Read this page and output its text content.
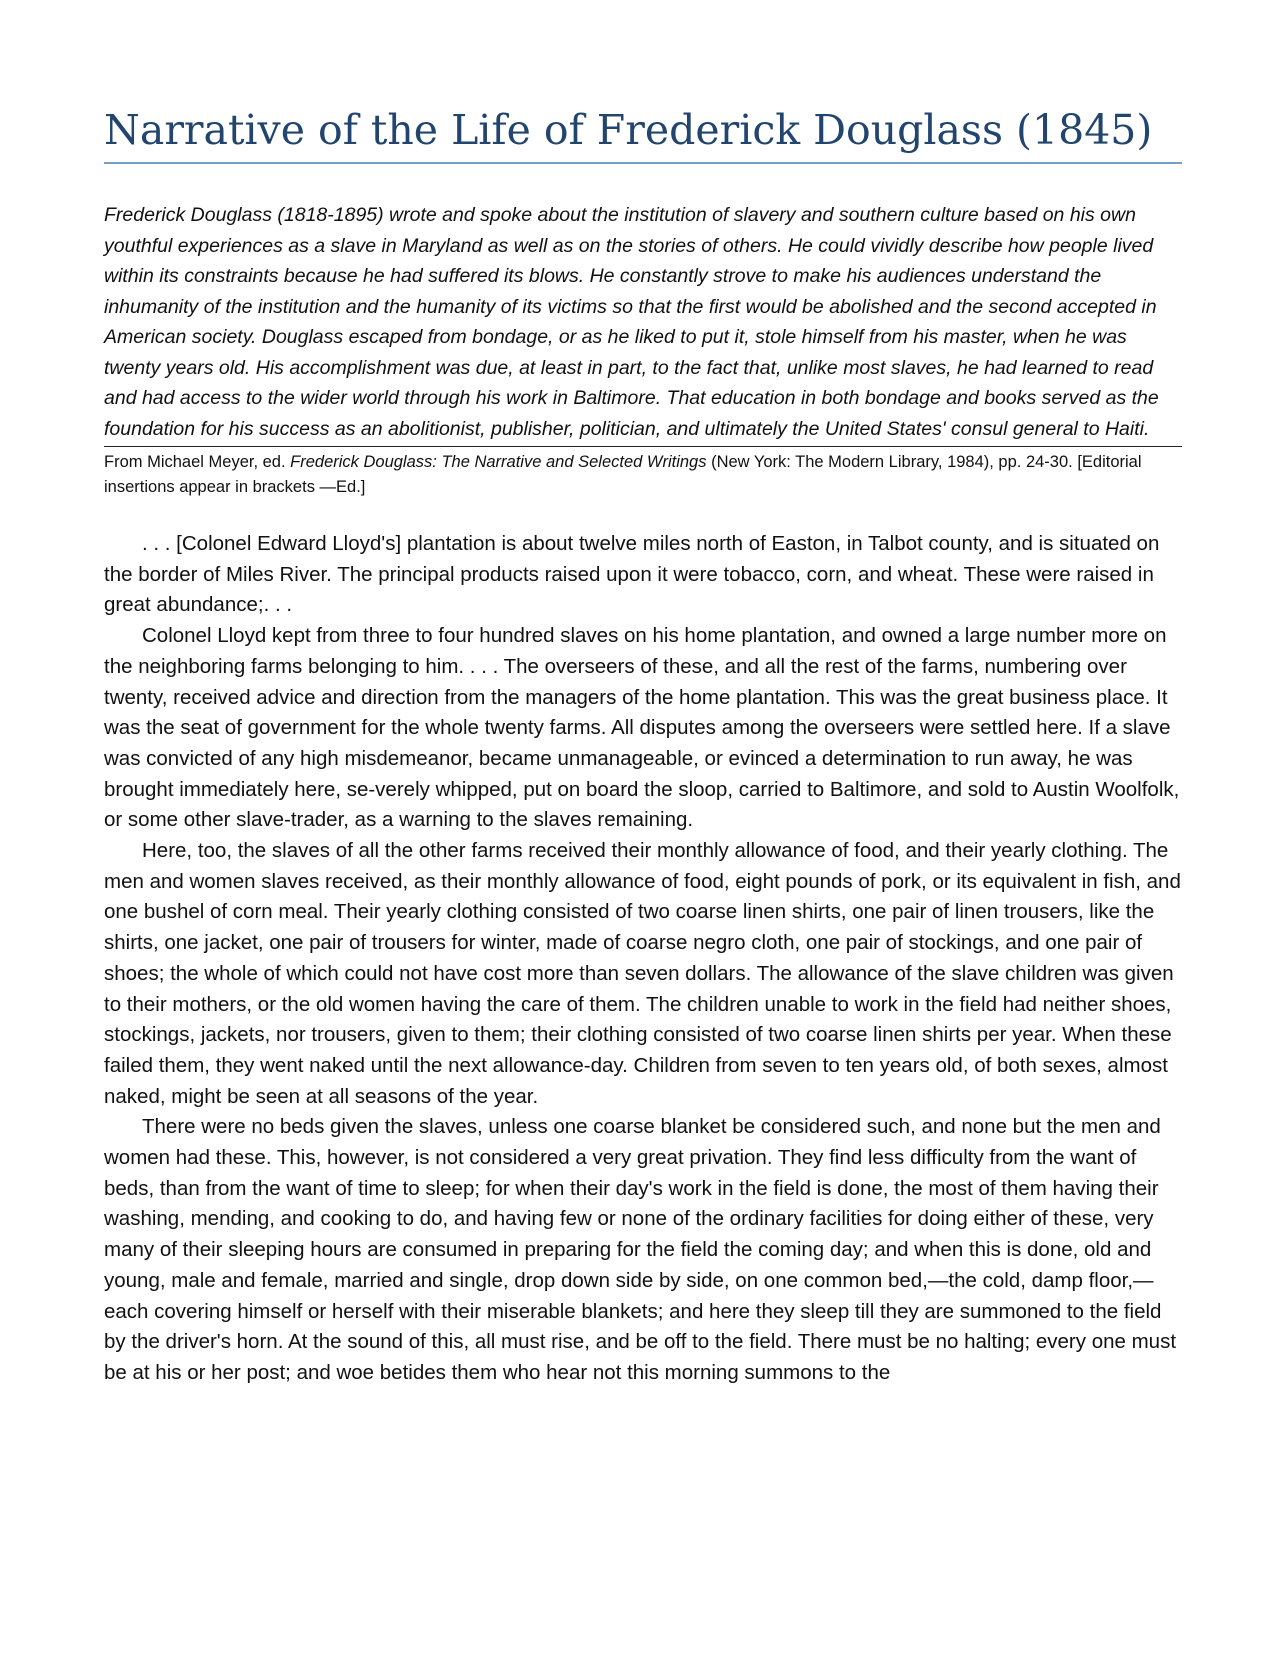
Narrative of the Life of Frederick Douglass (1845)

Frederick Douglass (1818-1895) wrote and spoke about the institution of slavery and southern culture based on his own youthful experiences as a slave in Maryland as well as on the stories of others. He could vividly describe how people lived within its constraints because he had suffered its blows. He constantly strove to make his audiences understand the inhumanity of the institution and the humanity of its victims so that the first would be abolished and the second accepted in American society. Douglass escaped from bondage, or as he liked to put it, stole himself from his master, when he was twenty years old. His accomplishment was due, at least in part, to the fact that, unlike most slaves, he had learned to read and had access to the wider world through his work in Baltimore. That education in both bondage and books served as the foundation for his success as an abolitionist, publisher, politician, and ultimately the United States' consul general to Haiti.

From Michael Meyer, ed. Frederick Douglass: The Narrative and Selected Writings (New York: The Modern Library, 1984), pp. 24-30. [Editorial insertions appear in brackets —Ed.]

. . . [Colonel Edward Lloyd's] plantation is about twelve miles north of Easton, in Talbot county, and is situated on the border of Miles River. The principal products raised upon it were tobacco, corn, and wheat. These were raised in great abundance;. . .

Colonel Lloyd kept from three to four hundred slaves on his home plantation, and owned a large number more on the neighboring farms belonging to him. . . . The overseers of these, and all the rest of the farms, numbering over twenty, received advice and direction from the managers of the home plantation. This was the great business place. It was the seat of government for the whole twenty farms. All disputes among the overseers were settled here. If a slave was convicted of any high misdemeanor, became unmanageable, or evinced a determination to run away, he was brought immediately here, se-verely whipped, put on board the sloop, carried to Baltimore, and sold to Austin Woolfolk, or some other slave-trader, as a warning to the slaves remaining.

Here, too, the slaves of all the other farms received their monthly allowance of food, and their yearly clothing. The men and women slaves received, as their monthly allowance of food, eight pounds of pork, or its equivalent in fish, and one bushel of corn meal. Their yearly clothing consisted of two coarse linen shirts, one pair of linen trousers, like the shirts, one jacket, one pair of trousers for winter, made of coarse negro cloth, one pair of stockings, and one pair of shoes; the whole of which could not have cost more than seven dollars. The allowance of the slave children was given to their mothers, or the old women having the care of them. The children unable to work in the field had neither shoes, stockings, jackets, nor trousers, given to them; their clothing consisted of two coarse linen shirts per year. When these failed them, they went naked until the next allowance-day. Children from seven to ten years old, of both sexes, almost naked, might be seen at all seasons of the year.

There were no beds given the slaves, unless one coarse blanket be considered such, and none but the men and women had these. This, however, is not considered a very great privation. They find less difficulty from the want of beds, than from the want of time to sleep; for when their day's work in the field is done, the most of them having their washing, mending, and cooking to do, and having few or none of the ordinary facilities for doing either of these, very many of their sleeping hours are consumed in preparing for the field the coming day; and when this is done, old and young, male and female, married and single, drop down side by side, on one common bed,—the cold, damp floor,—each covering himself or herself with their miserable blankets; and here they sleep till they are summoned to the field by the driver's horn. At the sound of this, all must rise, and be off to the field. There must be no halting; every one must be at his or her post; and woe betides them who hear not this morning summons to the
